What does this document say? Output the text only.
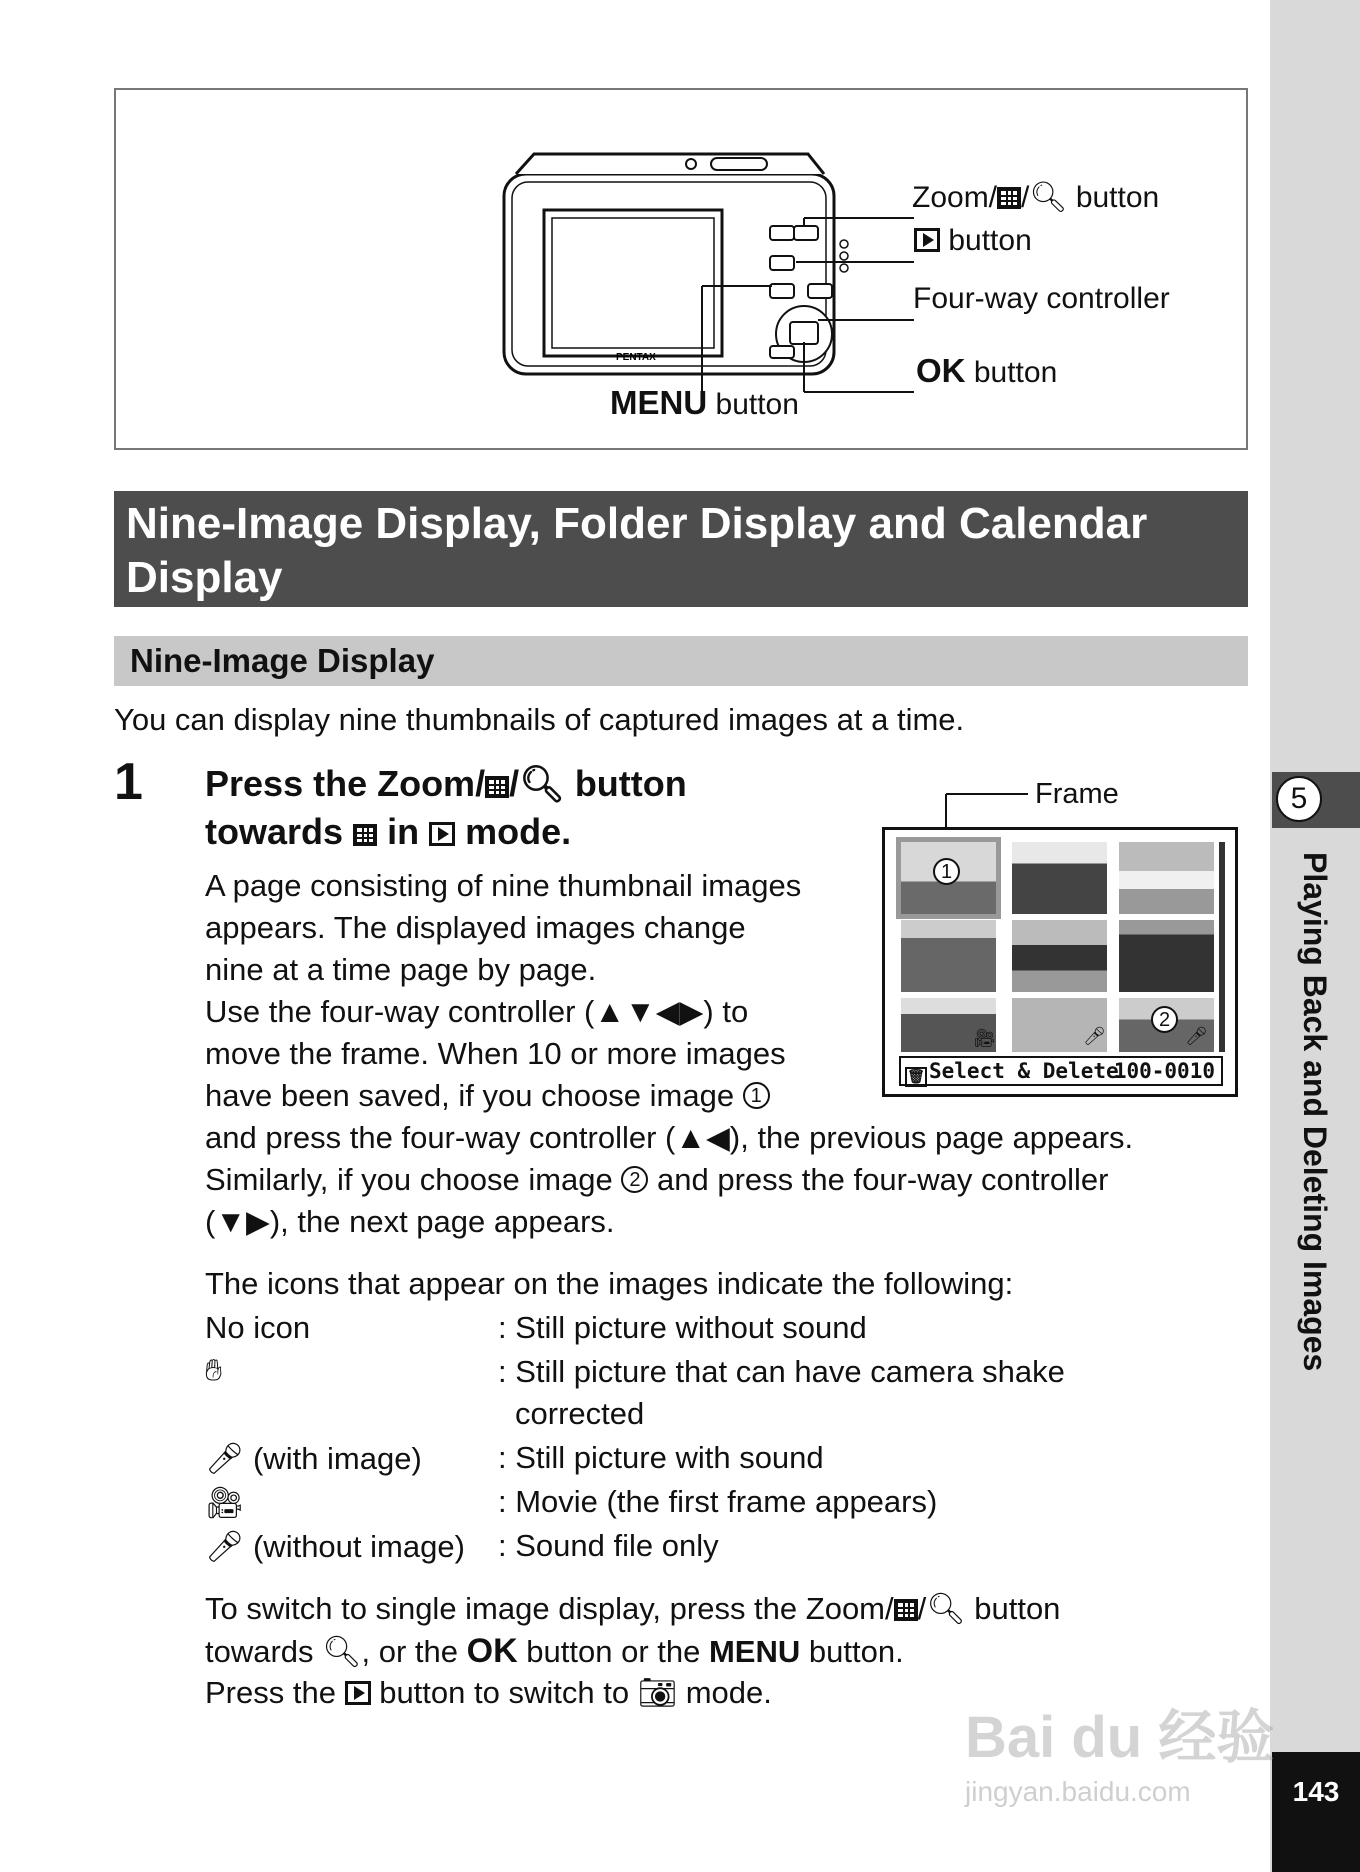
5
Playing Back and Deleting Images
143
PENTAX
Zoom/ /🔍︎ button
button
Four-way controller
OK button
MENU button
Nine-Image Display, Folder Display and Calendar Display
Nine-Image Display
You can display nine thumbnails of captured images at a time.
1 Press the Zoom/ /🔍︎ button
towards in mode.
A page consisting of nine thumbnail images
appears. The displayed images change
nine at a time page by page.
Use the four-way controller (▲▼◀▶) to
move the frame. When 10 or more images
have been saved, if you choose image 1
and press the four-way controller (▲◀), the previous page appears.
Similarly, if you choose image 2 and press the four-way controller
(▼▶), the next page appears.
Frame
1
🎥︎	🎤︎
2
🎤︎
🗑︎ Select & Delete
100-0010
The icons that appear on the images indicate the following:
No icon	: Still picture without sound
✋︎	: Still picture that can have camera shake
corrected
🎤︎ (with image) : Still picture with sound
🎥︎	: Movie (the first frame appears)
🎤︎ (without image) : Sound file only
To switch to single image display, press the Zoom/ /🔍︎ button
towards 🔍︎, or the OK button or the MENU button.
Press the button to switch to 📷︎ mode.
Bai du 经验
jingyan.baidu.com
